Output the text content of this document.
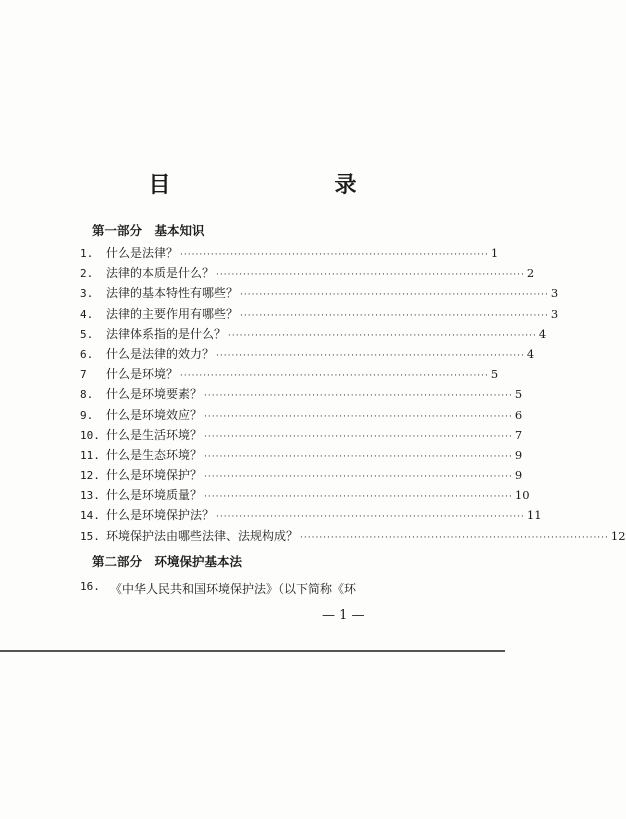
目　　录
第一部分　基本知识
1.	什么是法律？ ················································································ 1
2.	法律的本质是什么？ ················································································ 2
3.	法律的基本特性有哪些？ ················································································ 3
4.	法律的主要作用有哪些？ ················································································ 3
5.	法律体系指的是什么？ ················································································ 4
6.	什么是法律的效力？ ················································································ 4
7	什么是环境？ ················································································ 5
8.	什么是环境要素？ ················································································ 5
9.	什么是环境效应？ ················································································ 6
10. 什么是生活环境？ ················································································ 7
11. 什么是生态环境？ ················································································ 9
12. 什么是环境保护？ ················································································ 9
13. 什么是环境质量？ ················································································ 10
14. 什么是环境保护法？ ················································································ 11
15. 环境保护法由哪些法律、法规构成？ ················································································ 12
第二部分　环境保护基本法
16. 《中华人民共和国环境保护法》（以下简称《环
— 1 —
